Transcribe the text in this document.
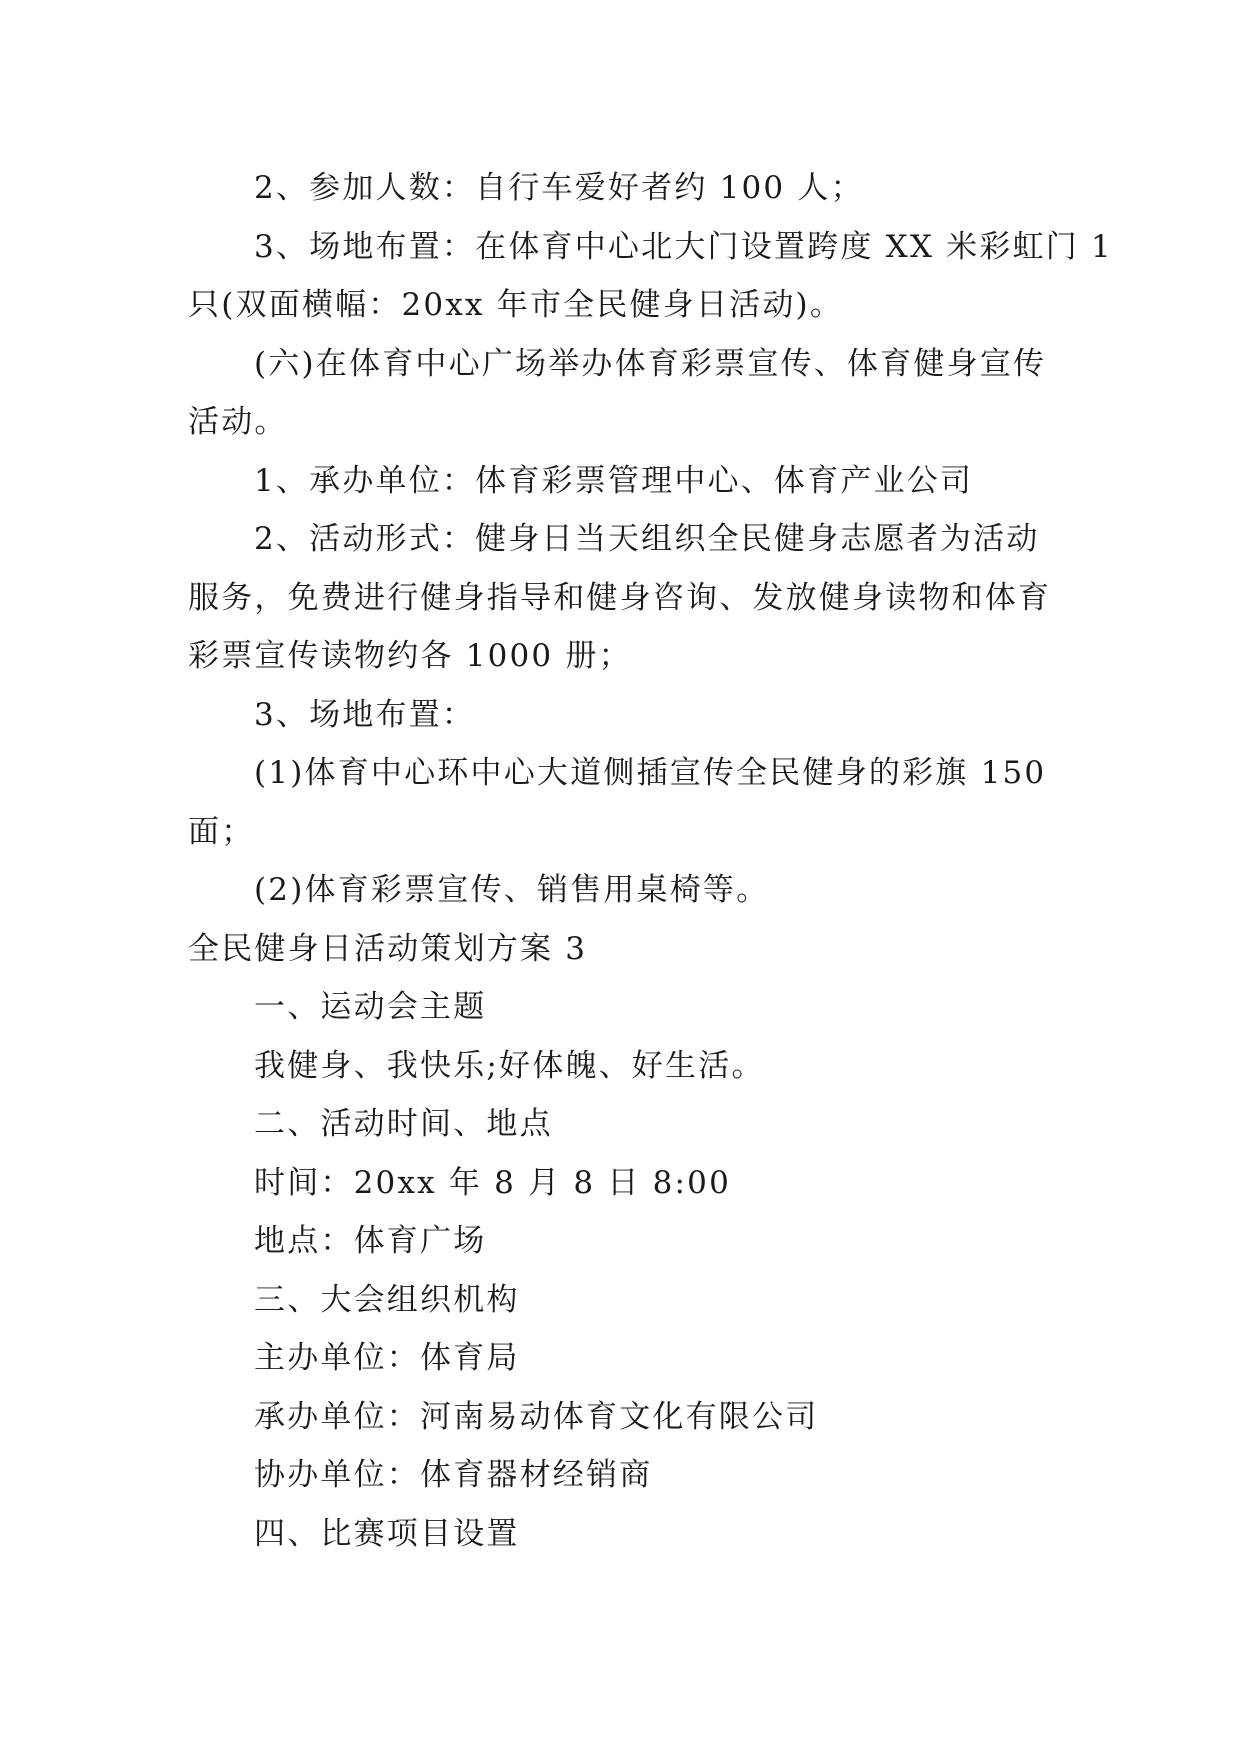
2、参加人数：自行车爱好者约 100 人；
3、场地布置：在体育中心北大门设置跨度 XX 米彩虹门 1
只(双面横幅：20xx 年市全民健身日活动)。
(六)在体育中心广场举办体育彩票宣传、体育健身宣传
活动。
1、承办单位：体育彩票管理中心、体育产业公司
2、活动形式：健身日当天组织全民健身志愿者为活动
服务，免费进行健身指导和健身咨询、发放健身读物和体育
彩票宣传读物约各 1000 册；
3、场地布置：
(1)体育中心环中心大道侧插宣传全民健身的彩旗 150
面；
(2)体育彩票宣传、销售用桌椅等。
全民健身日活动策划方案 3
一、运动会主题
我健身、我快乐;好体魄、好生活。
二、活动时间、地点
时间：20xx 年 8 月 8 日 8:00
地点：体育广场
三、大会组织机构
主办单位：体育局
承办单位：河南易动体育文化有限公司
协办单位：体育器材经销商
四、比赛项目设置
